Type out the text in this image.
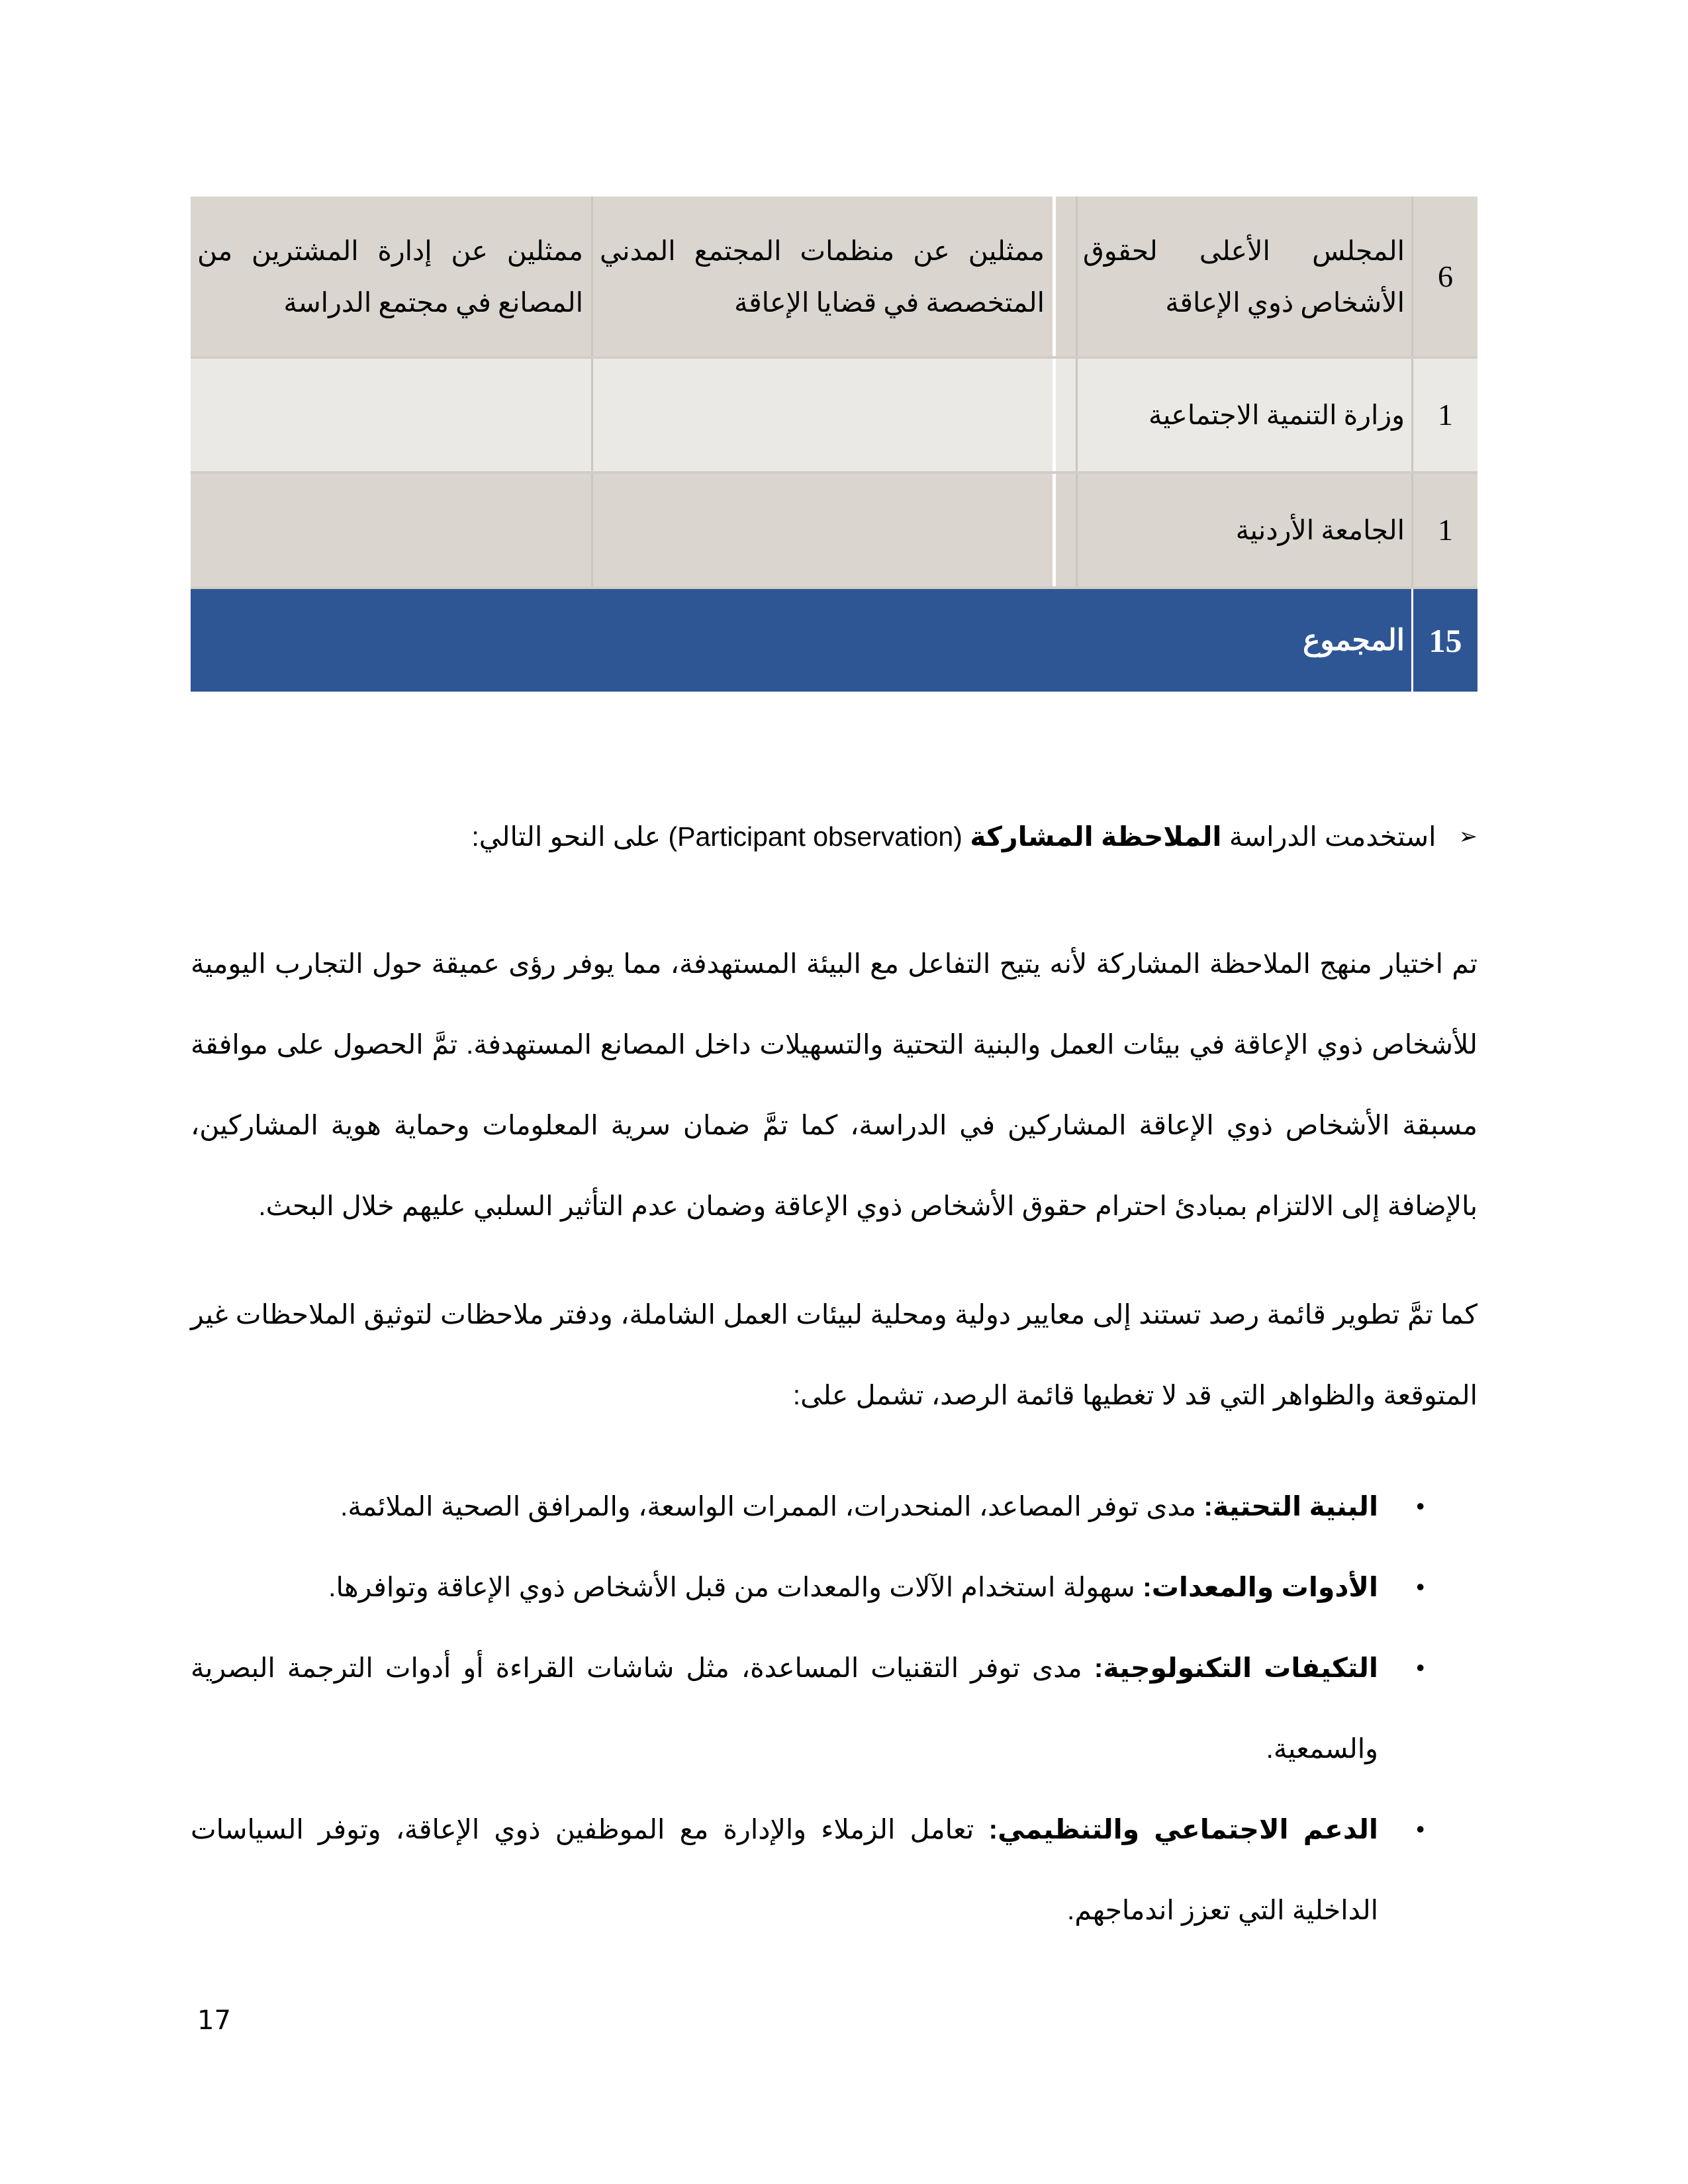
6
المجلس الأعلى لحقوق الأشخاص ذوي الإعاقة
ممثلين عن منظمات المجتمع المدني المتخصصة في قضايا الإعاقة
ممثلين عن إدارة المشترين من المصانع في مجتمع الدراسة
1
وزارة التنمية الاجتماعية
1
الجامعة الأردنية
15
المجموع
➢
استخدمت الدراسة الملاحظة المشاركة (Participant observation) على النحو التالي:
تم اختيار منهج الملاحظة المشاركة لأنه يتيح التفاعل مع البيئة المستهدفة، مما يوفر رؤى عميقة حول التجارب اليومية للأشخاص ذوي الإعاقة في بيئات العمل والبنية التحتية والتسهيلات داخل المصانع المستهدفة. تمَّ الحصول على موافقة مسبقة الأشخاص ذوي الإعاقة المشاركين في الدراسة، كما تمَّ ضمان سرية المعلومات وحماية هوية المشاركين، بالإضافة إلى الالتزام بمبادئ احترام حقوق الأشخاص ذوي الإعاقة وضمان عدم التأثير السلبي عليهم خلال البحث.
كما تمَّ تطوير قائمة رصد تستند إلى معايير دولية ومحلية لبيئات العمل الشاملة، ودفتر ملاحظات لتوثيق الملاحظات غير المتوقعة والظواهر التي قد لا تغطيها قائمة الرصد، تشمل على:
•
البنية التحتية: مدى توفر المصاعد، المنحدرات، الممرات الواسعة، والمرافق الصحية الملائمة.
•
الأدوات والمعدات: سهولة استخدام الآلات والمعدات من قبل الأشخاص ذوي الإعاقة وتوافرها.
•
التكيفات التكنولوجية: مدى توفر التقنيات المساعدة، مثل شاشات القراءة أو أدوات الترجمة البصرية والسمعية.
•
الدعم الاجتماعي والتنظيمي: تعامل الزملاء والإدارة مع الموظفين ذوي الإعاقة، وتوفر السياسات الداخلية التي تعزز اندماجهم.
17
